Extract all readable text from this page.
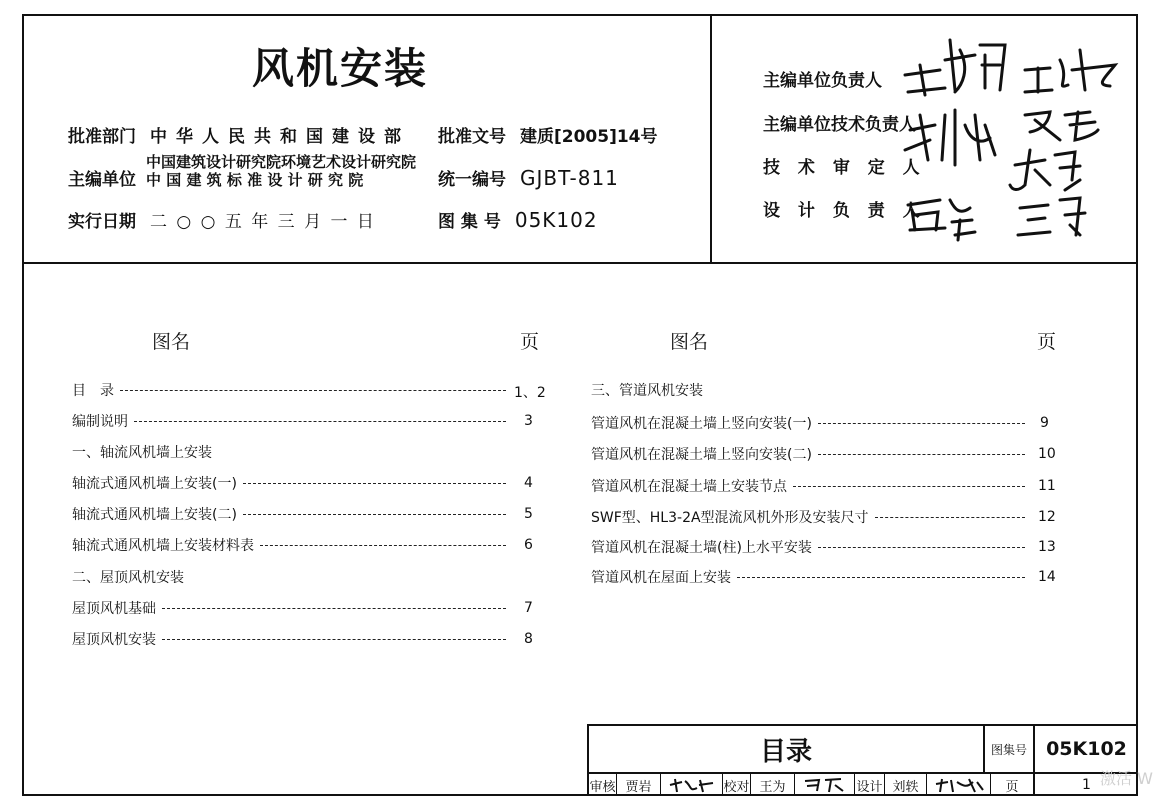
风机安装
批准部门 中华人民共和国建设部 批准文号 建质[2005]14号
主编单位
中国建筑设计研究院环境艺术设计研究院
中 国 建 筑 标 准 设 计 研 究 院	统一编号 GJBT-811
实行日期 二 ○ ○ 五 年 三 月 一 日	图 集 号 05K102
主编单位负责人
主编单位技术负责人
技 术 审 定 人
设 计 负 责 人
图名	页	图名	页
目　录	1、2
编制说明	3
一、轴流风机墙上安装
轴流式通风机墙上安装(一)	4
轴流式通风机墙上安装(二)	5
轴流式通风机墙上安装材料表	6
二、屋顶风机安装
屋顶风机基础	7
屋顶风机安装	8
三、管道风机安装
管道风机在混凝土墙上竖向安装(一)	9
管道风机在混凝土墙上竖向安装(二)	10
管道风机在混凝土墙上安装节点	11
SWF型、HL3-2A型混流风机外形及安装尺寸	12
管道风机在混凝土墙(柱)上水平安装	13
管道风机在屋面上安装	14
目录	图集号	05K102
审核 贾岩	校对 王为	设计 刘轶	页	1 激活 W
